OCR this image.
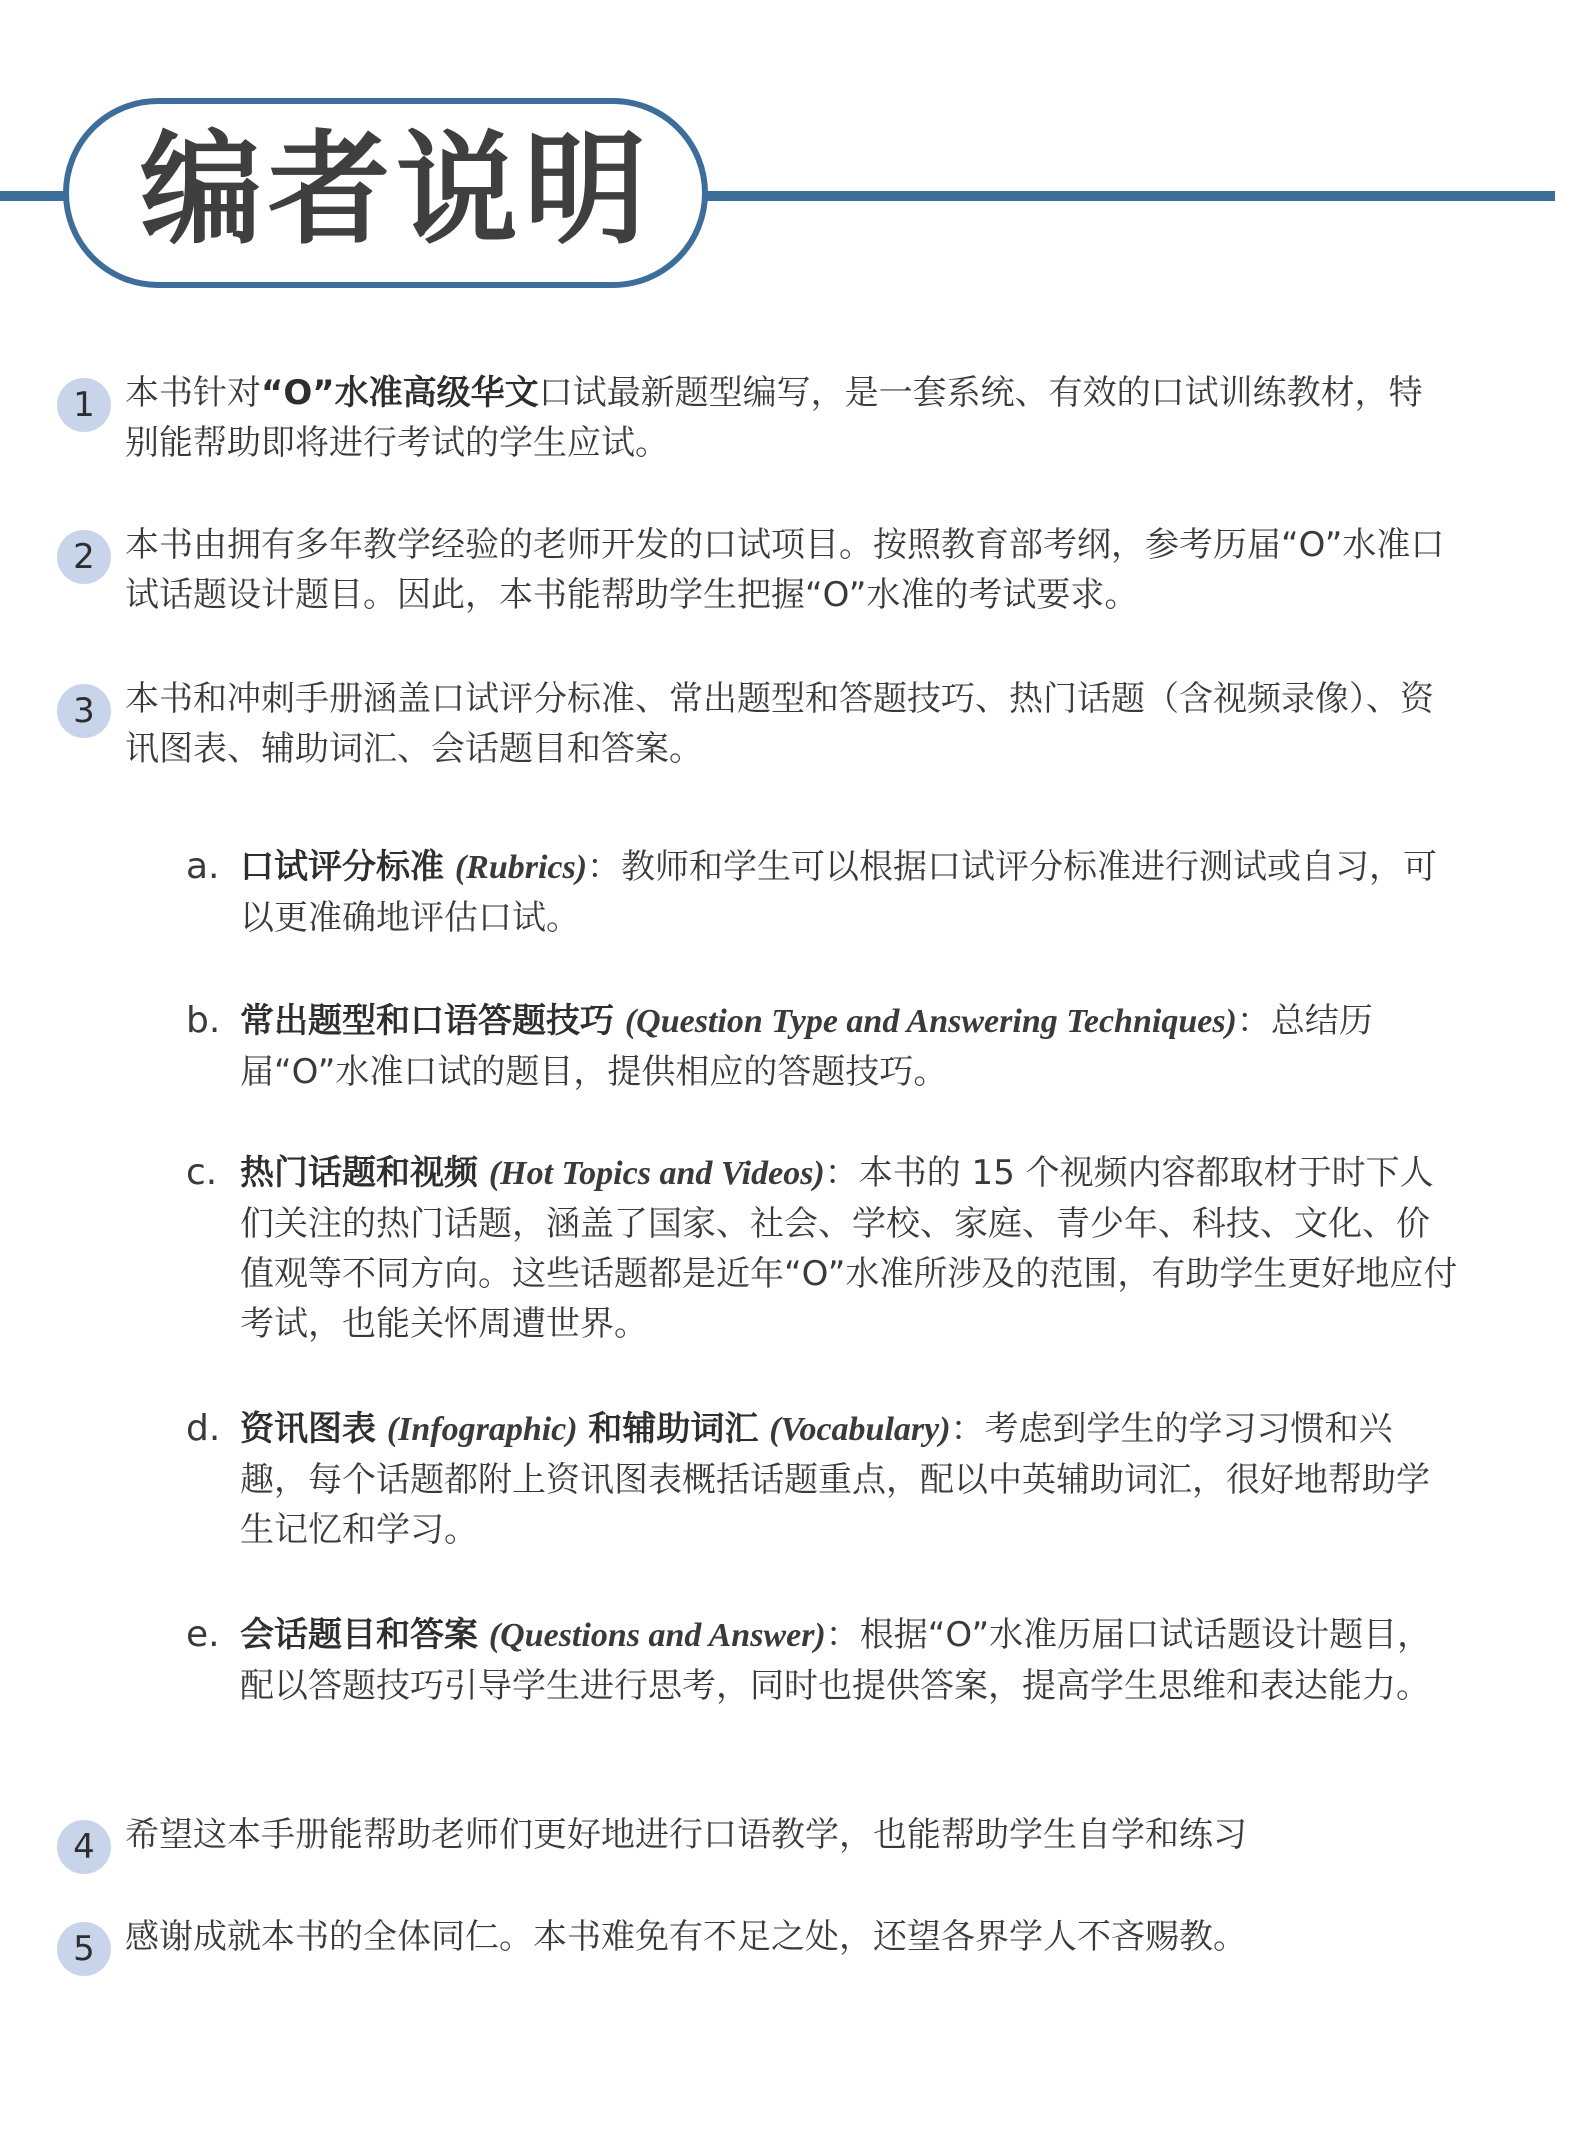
编者说明
1 本书针对“O”水准高级华文口试最新题型编写，是一套系统、有效的口试训练教材，特别能帮助即将进行考试的学生应试。
2 本书由拥有多年教学经验的老师开发的口试项目。按照教育部考纲，参考历届“O”水准口试话题设计题目。因此，本书能帮助学生把握“O”水准的考试要求。
3 本书和冲刺手册涵盖口试评分标准、常出题型和答题技巧、热门话题（含视频录像）、资讯图表、辅助词汇、会话题目和答案。
a. 口试评分标准 (Rubrics)：教师和学生可以根据口试评分标准进行测试或自习，可以更准确地评估口试。
b. 常出题型和口语答题技巧 (Question Type and Answering Techniques)：总结历届“O”水准口试的题目，提供相应的答题技巧。
c. 热门话题和视频 (Hot Topics and Videos)：本书的 15 个视频内容都取材于时下人们关注的热门话题，涵盖了国家、社会、学校、家庭、青少年、科技、文化、价值观等不同方向。这些话题都是近年“O”水准所涉及的范围，有助学生更好地应付考试，也能关怀周遭世界。
d. 资讯图表 (Infographic) 和辅助词汇 (Vocabulary)：考虑到学生的学习习惯和兴趣，每个话题都附上资讯图表概括话题重点，配以中英辅助词汇，很好地帮助学生记忆和学习。
e. 会话题目和答案 (Questions and Answer)：根据“O”水准历届口试话题设计题目，配以答题技巧引导学生进行思考，同时也提供答案，提高学生思维和表达能力。
4 希望这本手册能帮助老师们更好地进行口语教学，也能帮助学生自学和练习
5 感谢成就本书的全体同仁。本书难免有不足之处，还望各界学人不吝赐教。
